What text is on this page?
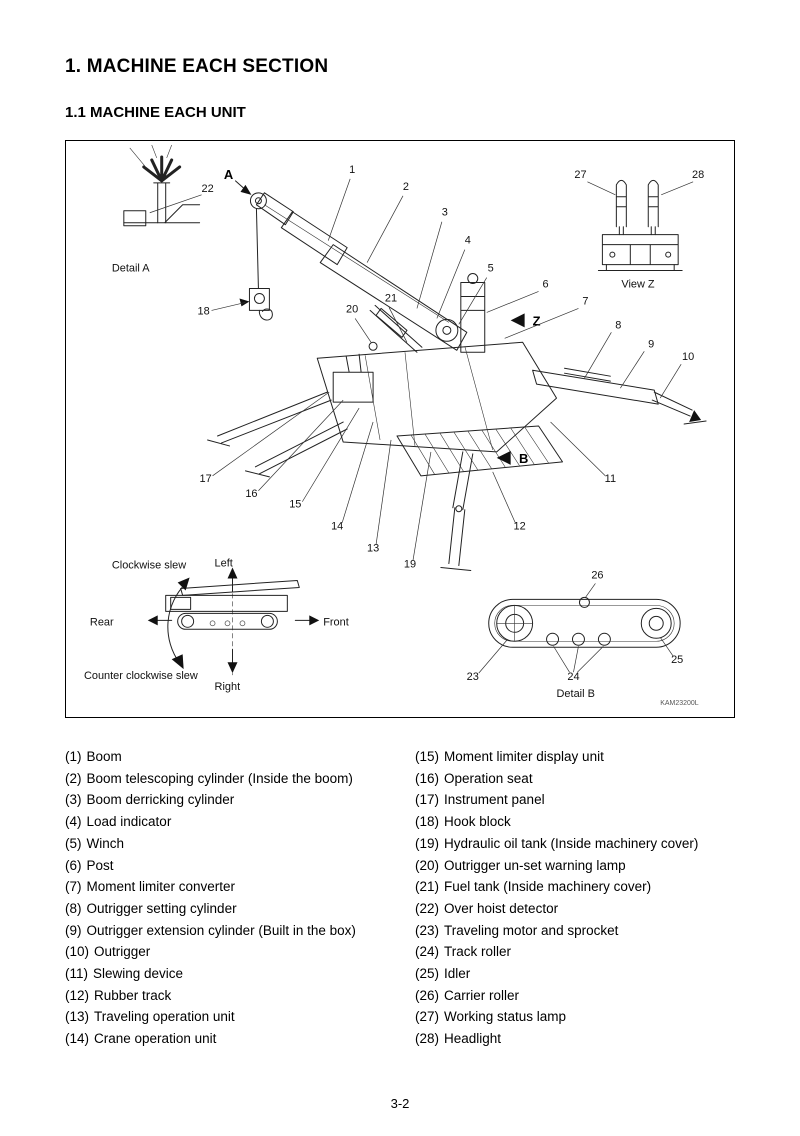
1. MACHINE EACH SECTION
1.1 MACHINE EACH UNIT
Detail A
View Z
Detail B
Clockwise slew
Counter clockwise slew
Left
Right
Rear	Front
KAM23200L
A
Z
B
22
18
1
2
3
4
5
6
7
8
9
10
21
20
17
16
15
14
13
19
12
11
27	28
26
23	24
25
(1) Boom
(2) Boom telescoping cylinder (Inside the boom)
(3) Boom derricking cylinder
(4) Load indicator
(5) Winch
(6) Post
(7) Moment limiter converter
(8) Outrigger setting cylinder
(9) Outrigger extension cylinder (Built in the box)
(10) Outrigger
(11) Slewing device
(12) Rubber track
(13) Traveling operation unit
(14) Crane operation unit
(15) Moment limiter display unit
(16) Operation seat
(17) Instrument panel
(18) Hook block
(19) Hydraulic oil tank (Inside machinery cover)
(20) Outrigger un-set warning lamp
(21) Fuel tank (Inside machinery cover)
(22) Over hoist detector
(23) Traveling motor and sprocket
(24) Track roller
(25) Idler
(26) Carrier roller
(27) Working status lamp
(28) Headlight
3-2
